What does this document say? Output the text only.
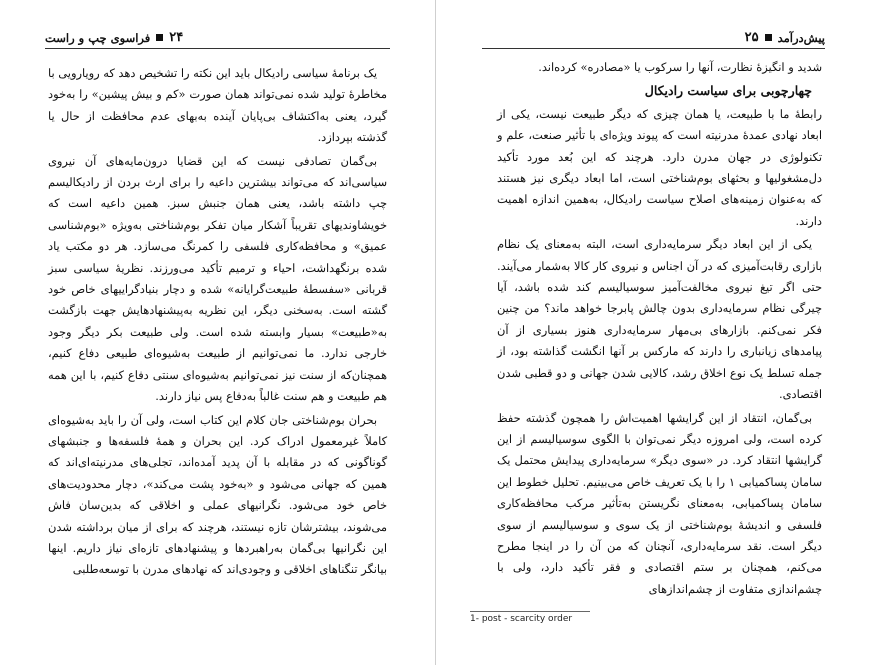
۲۴
فراسوی چپ و راست

یک برنامهٔ سیاسی رادیکال باید این نکته را تشخیص دهد که رویارویی با مخاطرهٔ تولید شده نمی‌تواند همان صورت «کم و بیش پیشین» را به‌خود گیرد، یعنی به‌اکتشاف بی‌پایان آینده به‌بهای عدم محافظت از حال یا گذشته بپردازد.

بی‌گمان تصادفی نیست که این قضایا درون‌مایه‌های آن نیروی سیاسی‌اند که می‌تواند بیشترین داعیه را برای ارث بردن از رادیکالیسم چپ داشته باشد، یعنی همان جنبش سبز. همین داعیه است که خویشاوندیهای تقریباً آشکار میان تفکر بوم‌شناختی به‌ویژه «بوم‌شناسی عمیق» و محافظه‌کاری فلسفی را کمرنگ می‌سازد. هر دو مکتب یاد شده برنگهداشت، احیاء و ترمیم تأکید می‌ورزند. نظریهٔ سیاسی سبز قربانی «سفسطهٔ طبیعت‌گرایانه» شده و دچار بنیادگراییهای خاص خود گشته است. به‌سخنی دیگر، این نظریه به‌پیشنهادهایش جهت بازگشت به«طبیعت» بسیار وابسته شده است. ولی طبیعت بکر دیگر وجود خارجی ندارد. ما نمی‌توانیم از طبیعت به‌شیوه‌ای طبیعی دفاع کنیم، همچنان‌که از سنت نیز نمی‌توانیم به‌شیوه‌ای سنتی دفاع کنیم، با این همه هم طبیعت و هم سنت غالباً به‌دفاع پس نیاز دارند.

بحران بوم‌شناختی جان کلام این کتاب است، ولی آن را باید به‌شیوه‌ای کاملاً غیرمعمول ادراک کرد. این بحران و همهٔ فلسفه‌ها و جنبشهای گوناگونی که در مقابله با آن پدید آمده‌اند، تجلی‌های مدرنیته‌ای‌اند که همین که جهانی می‌شود و «به‌خود پشت می‌کند»، دچار محدودیت‌های خاص خود می‌شود. نگرانیهای عملی و اخلاقی که بدین‌سان فاش می‌شوند، بیشترشان تازه نیستند، هرچند که برای از میان برداشته شدن این نگرانیها بی‌گمان به‌راهبردها و پیشنهادهای تازه‌ای نیاز داریم. اینها بیانگر تنگناهای اخلاقی و وجودی‌اند که نهادهای مدرن با توسعه‌طلبی

پیش‌درآمد
۲۵

شدید و انگیزهٔ نظارت، آنها را سرکوب یا «مصادره» کرده‌اند.

چهارچوبی برای سیاست رادیکال

رابطهٔ ما با طبیعت، یا همان چیزی که دیگر طبیعت نیست، یکی از ابعاد نهادی عمدهٔ مدرنیته است که پیوند ویژه‌ای با تأثیر صنعت، علم و تکنولوژی در جهان مدرن دارد. هرچند که این بُعد مورد تأکید دل‌مشغولیها و بحثهای بوم‌شناختی است، اما ابعاد دیگری نیز هستند که به‌عنوان زمینه‌های اصلاح سیاست رادیکال، به‌همین اندازه اهمیت دارند.

یکی از این ابعاد دیگر سرمایه‌داری است، البته به‌معنای یک نظام بازاری رقابت‌آمیزی که در آن اجناس و نیروی کار کالا به‌شمار می‌آیند. حتی اگر تیغ نیروی مخالفت‌آمیز سوسیالیسم کند شده باشد، آیا چیرگی نظام سرمایه‌داری بدون چالش پابرجا خواهد ماند؟ من چنین فکر نمی‌کنم. بازارهای بی‌مهار سرمایه‌داری هنوز بسیاری از آن پیامدهای زیانباری را دارند که مارکس بر آنها انگشت گذاشته بود، از جمله تسلط یک نوع اخلاق رشد، کالایی شدن جهانی و دو قطبی شدن اقتصادی.

بی‌گمان، انتقاد از این گرایشها اهمیت‌اش را همچون گذشته حفظ کرده است، ولی امروزه دیگر نمی‌توان با الگوی سوسیالیسم از این گرایشها انتقاد کرد. در «سوی دیگر» سرمایه‌داری پیدایش محتمل یک سامان پساکمیابی ۱ را با یک تعریف خاص می‌بینیم. تحلیل خطوط این سامان پساکمیابی، به‌معنای نگریستن به‌تأثیر مرکب محافظه‌کاری فلسفی و اندیشهٔ بوم‌شناختی از یک سوی و سوسیالیسم از سوی دیگر است. نقد سرمایه‌داری، آنچنان که من آن را در اینجا مطرح می‌کنم، همچنان بر ستم اقتصادی و فقر تأکید دارد، ولی با چشم‌اندازی متفاوت از چشم‌اندازهای

1- post - scarcity order
